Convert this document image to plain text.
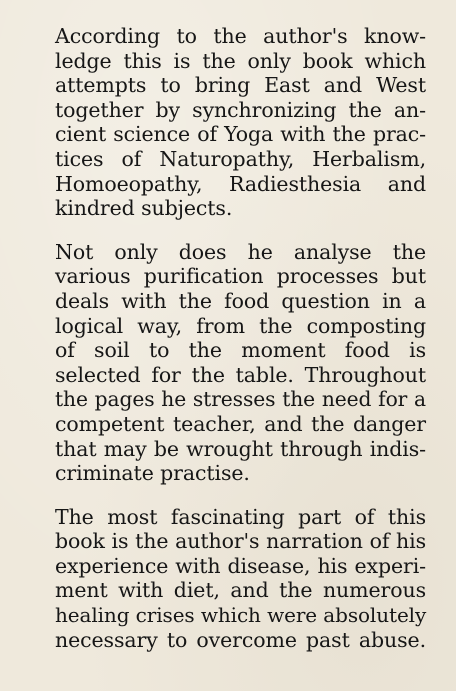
According to the author's know-
ledge this is the only book which
attempts to bring East and West
together by synchronizing the an-
cient science of Yoga with the prac-
tices of Naturopathy, Herbalism,
Homoeopathy, Radiesthesia and
kindred subjects.

Not only does he analyse the
various purification processes but
deals with the food question in a
logical way, from the composting
of soil to the moment food is
selected for the table. Throughout
the pages he stresses the need for a
competent teacher, and the danger
that may be wrought through indis-
criminate practise.

The most fascinating part of this
book is the author's narration of his
experience with disease, his experi-
ment with diet, and the numerous
healing crises which were absolutely
necessary to overcome past abuse.
